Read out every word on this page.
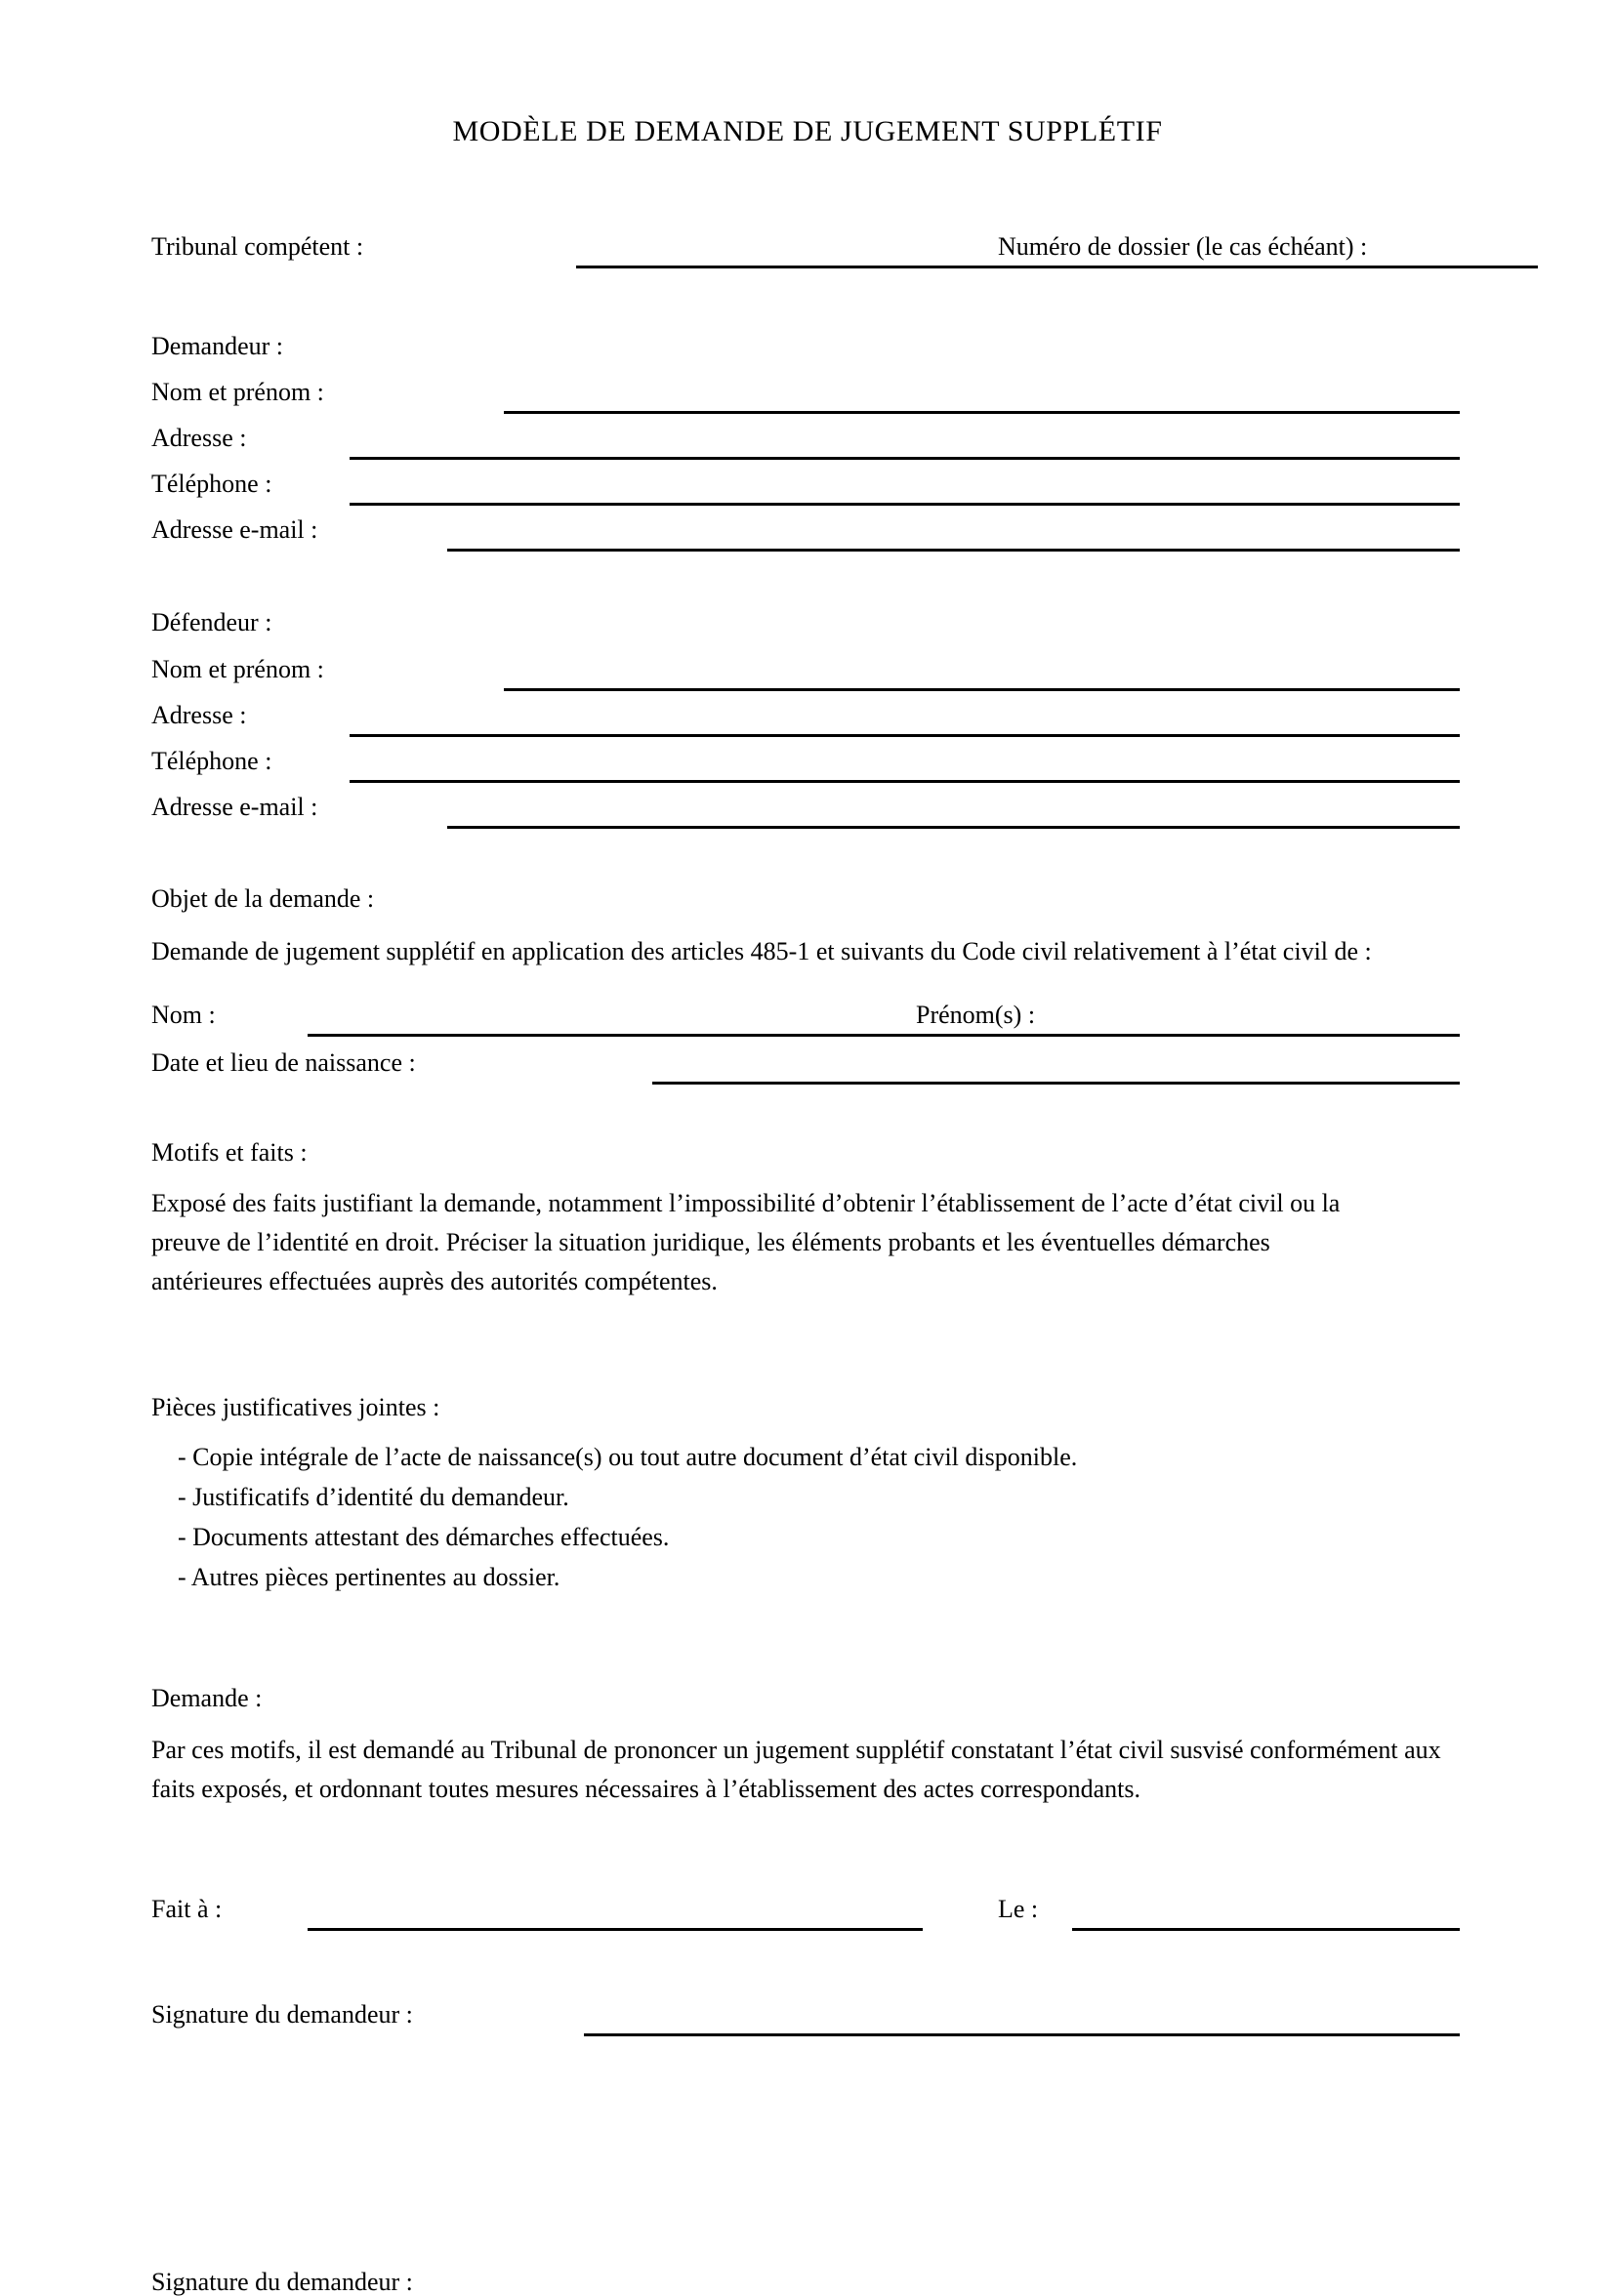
MODÈLE DE DEMANDE DE JUGEMENT SUPPLÉTIF
Tribunal compétent :	Numéro de dossier (le cas échéant) :
Demandeur :
Nom et prénom :
Adresse :
Téléphone :
Adresse e-mail :
Défendeur :
Nom et prénom :
Adresse :
Téléphone :
Adresse e-mail :
Objet de la demande :
Demande de jugement supplétif en application des articles 485-1 et suivants du Code civil relativement à l’état civil de :
Nom :	Prénom(s) :
Date et lieu de naissance :
Motifs et faits :
Exposé des faits justifiant la demande, notamment l’impossibilité d’obtenir l’établissement de l’acte d’état civil ou la preuve de l’identité en droit. Préciser la situation juridique, les éléments probants et les éventuelles démarches antérieures effectuées auprès des autorités compétentes.
Pièces justificatives jointes :
- Copie intégrale de l’acte de naissance(s) ou tout autre document d’état civil disponible.
- Justificatifs d’identité du demandeur.
- Documents attestant des démarches effectuées.
- Autres pièces pertinentes au dossier.
Demande :
Par ces motifs, il est demandé au Tribunal de prononcer un jugement supplétif constatant l’état civil susvisé conformément aux faits exposés, et ordonnant toutes mesures nécessaires à l’établissement des actes correspondants.
Fait à :	Le :
Signature du demandeur :
Signature du demandeur :
